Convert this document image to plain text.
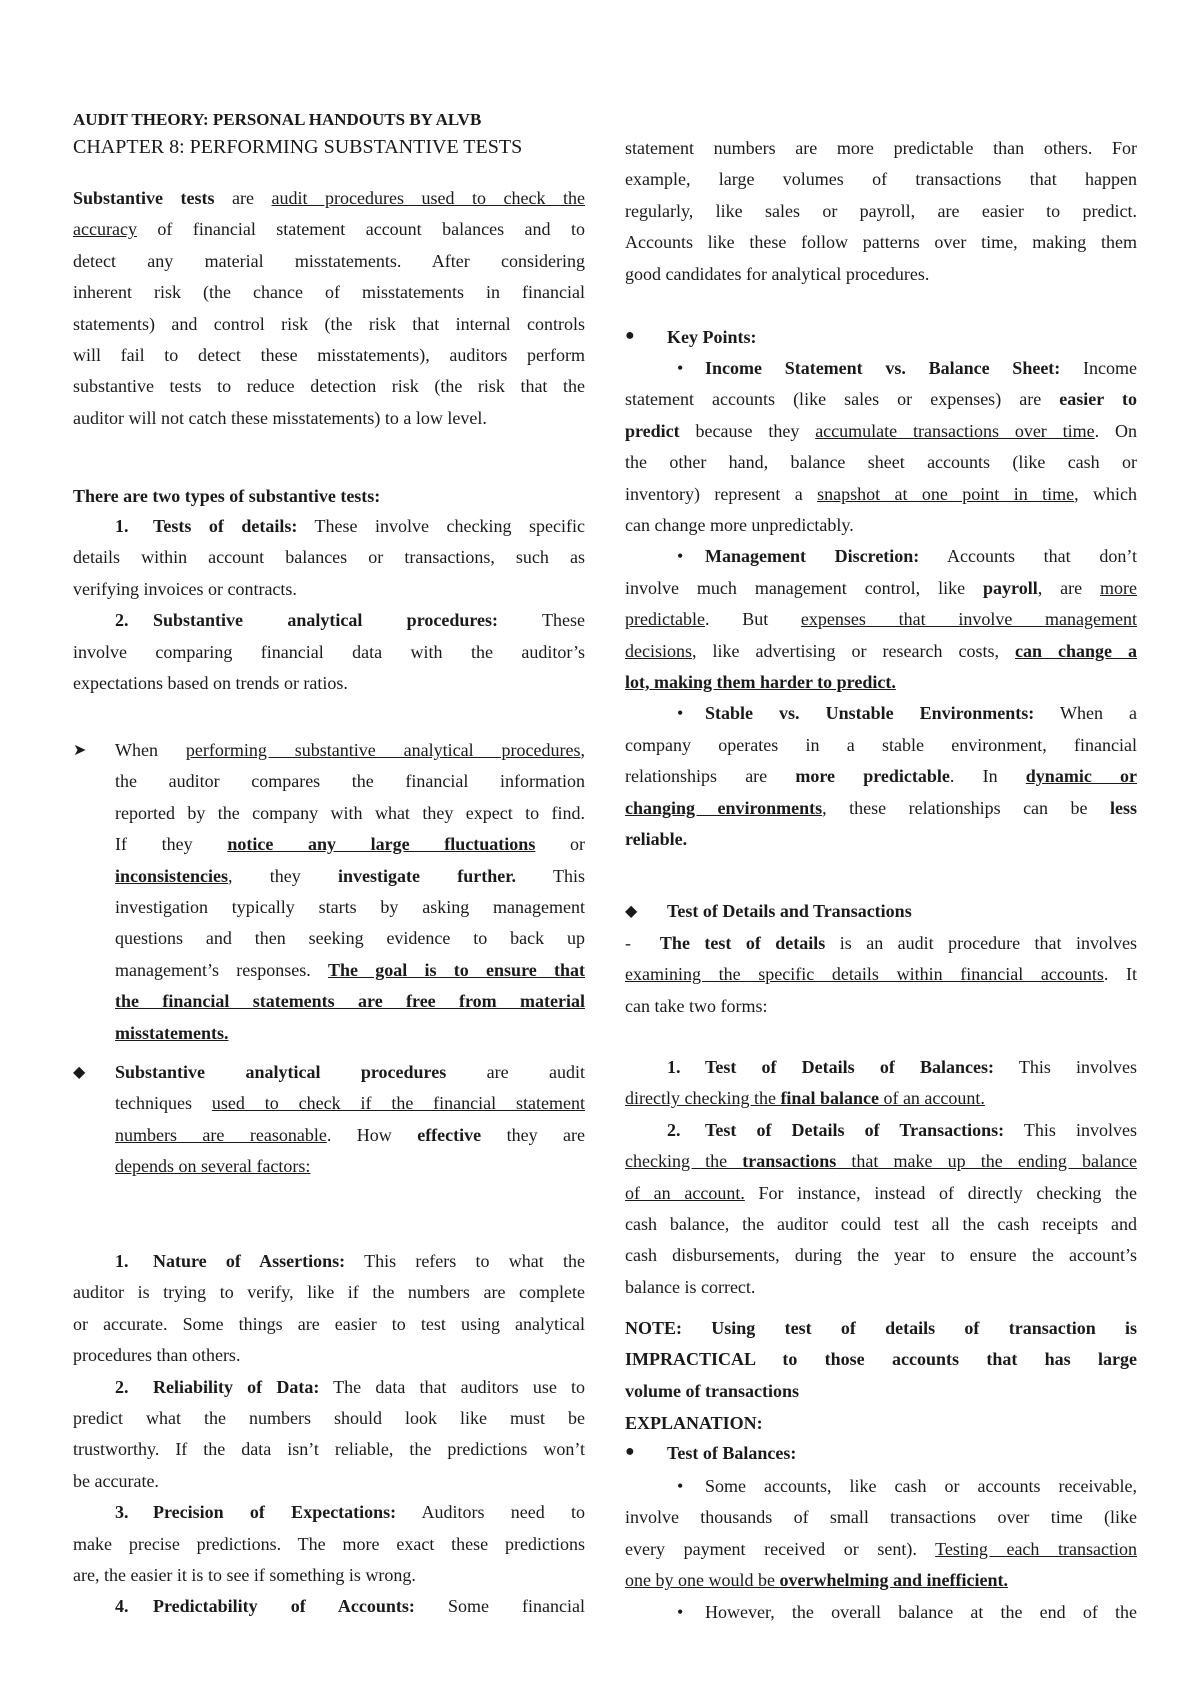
AUDIT THEORY: PERSONAL HANDOUTS BY ALVB
CHAPTER 8: PERFORMING SUBSTANTIVE TESTS
Substantive tests are audit procedures used to check the
accuracy of financial statement account balances and to
detect any material misstatements. After considering
inherent risk (the chance of misstatements in financial
statements) and control risk (the risk that internal controls
will fail to detect these misstatements), auditors perform
substantive tests to reduce detection risk (the risk that the
auditor will not catch these misstatements) to a low level.
There are two types of substantive tests:
1. Tests of details: These involve checking specific
details within account balances or transactions, such as
verifying invoices or contracts.
2. Substantive analytical procedures: These
involve comparing financial data with the auditor’s
expectations based on trends or ratios.
➤	When performing substantive analytical procedures,
the auditor compares the financial information
reported by the company with what they expect to find.
If they notice any large fluctuations or
inconsistencies, they investigate further. This
investigation typically starts by asking management
questions and then seeking evidence to back up
management’s responses. The goal is to ensure that
the financial statements are free from material
misstatements.
◆	Substantive analytical procedures are audit
techniques used to check if the financial statement
numbers are reasonable. How effective they are
depends on several factors:
1. Nature of Assertions: This refers to what the
auditor is trying to verify, like if the numbers are complete
or accurate. Some things are easier to test using analytical
procedures than others.
2. Reliability of Data: The data that auditors use to
predict what the numbers should look like must be
trustworthy. If the data isn’t reliable, the predictions won’t
be accurate.
3. Precision of Expectations: Auditors need to
make precise predictions. The more exact these predictions
are, the easier it is to see if something is wrong.
4. Predictability of Accounts: Some financial
statement numbers are more predictable than others. For
example, large volumes of transactions that happen
regularly, like sales or payroll, are easier to predict.
Accounts like these follow patterns over time, making them
good candidates for analytical procedures.
●	Key Points:
• Income Statement vs. Balance Sheet: Income
statement accounts (like sales or expenses) are easier to
predict because they accumulate transactions over time. On
the other hand, balance sheet accounts (like cash or
inventory) represent a snapshot at one point in time, which
can change more unpredictably.
• Management Discretion: Accounts that don’t
involve much management control, like payroll, are more
predictable. But expenses that involve management
decisions, like advertising or research costs, can change a
lot, making them harder to predict.
• Stable vs. Unstable Environments: When a
company operates in a stable environment, financial
relationships are more predictable. In dynamic or
changing environments, these relationships can be less
reliable.
◆	Test of Details and Transactions
-  The test of details is an audit procedure that involves
examining the specific details within financial accounts. It
can take two forms:
1. Test of Details of Balances: This involves
directly checking the final balance of an account.
2. Test of Details of Transactions: This involves
checking the transactions that make up the ending balance
of an account. For instance, instead of directly checking the
cash balance, the auditor could test all the cash receipts and
cash disbursements, during the year to ensure the account’s
balance is correct.
NOTE: Using test of details of transaction is
IMPRACTICAL to those accounts that has large
volume of transactions
EXPLANATION:
●	Test of Balances:
• Some accounts, like cash or accounts receivable,
involve thousands of small transactions over time (like
every payment received or sent). Testing each transaction
one by one would be overwhelming and inefficient.
• However, the overall balance at the end of the
